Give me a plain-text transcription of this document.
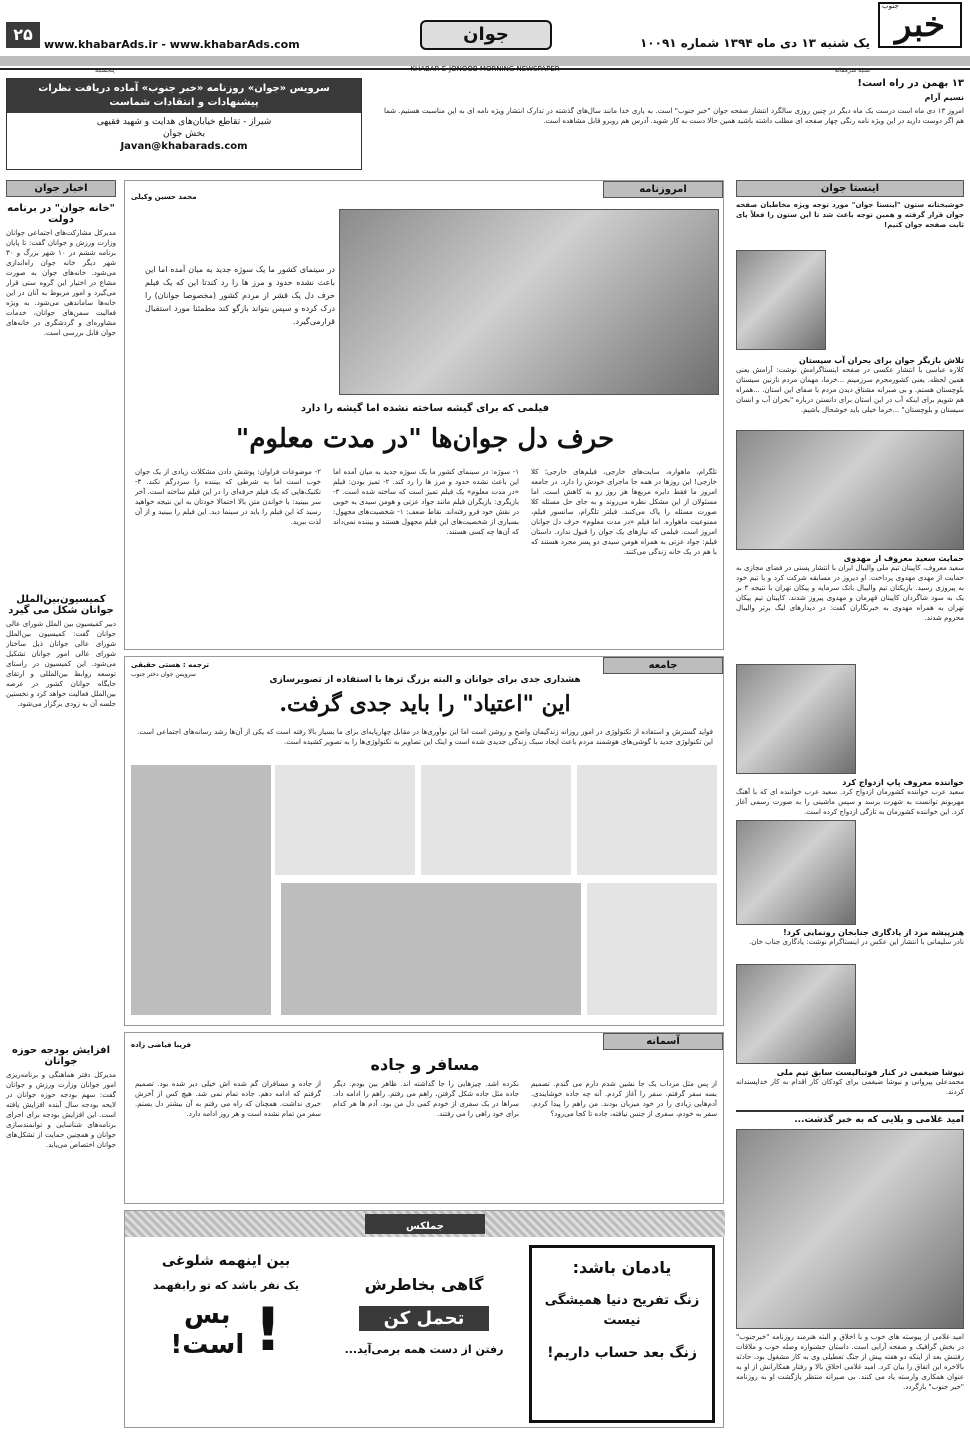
خبر
جنوب
یک شنبه ۱۳ دی ماه ۱۳۹۴ شماره ۱۰۰۹۱
جوان
www.khabarAds.ir - www.khabarAds.com
۲۵
KHABAR-E-JONOOB MORNING NEWSPAPER	شنبه سرمقاله
پنجشنبه
۱۳ بهمن در راه است!
نسیم آرام
امروز ۱۳ دی ماه است درست یک ماه دیگر در چنین روزی سالگرد انتشار صفحه جوان "خبر جنوب" است. به یاری خدا مانند سال‌های گذشته در تدارک انتشار ویژه نامه ای به این مناسبت هستیم. شما هم اگر دوست دارید در این ویژه نامه رنگی چهار صفحه ای مطلب داشته باشید همین حالا دست به کار شوید. آدرس هم روبرو قابل مشاهده است.
سرویس «جوان» روزنامه «خبر جنوب» آماده دریافت نظرات پیشنهادات و انتقادات شماست
شیراز - تقاطع خیابان‌های هدایت و شهید فقیهی
بخش جوان
Javan@khabarads.com
اینستا جوان
خوشبختانه ستون "اینستا جوان" مورد توجه ویژه مخاطبان صفحه جوان قرار گرفته و همین توجه باعث شد تا این ستون را فعلاً پای ثابت صفحه جوان کنیم!
تلاش بازیگر جوان برای بحران آب سیستان
کلاره عباسی با انتشار عکسی در صفحه اینستاگرامش نوشت: آرامش یعنی همین لحظه. یعنی کشورمحرم سرزمینم ...خرما، مهمان مردم نازنین سیستان بلوچستان هستم. و بی صبرانه مشتاق دیدن مردم با صفای این استان. ...همراه هم شویم برای اینکه آب در این استان برای دانستن درباره "بحران آب و انسان سیستان و بلوچستان" ...خرما خیلی باید خوشحال باشیم.
حمایت سعید معروف از مهدوی
سعید معروف، کاپیتان تیم ملی والیبال ایران با انتشار پستی در فضای مجازی به حمایت از مهدی مهدوی پرداخت. او دیروز در مسابقه شرکت کرد و با تیم خود به پیروزی رسید. بازیکنان تیم والیبال بانک سرمایه و پیکان تهران با نتیجه ۳ بر یک به سود شاگردان کاپیتان قهرمان و مهدوی پیروز شدند. کاپیتان تیم پیکان تهران به همراه مهدوی به خبرنگاران گفت: در دیدارهای لیگ برتر والیبال محروم شدند.
خواننده معروف پاپ ازدواج کرد
سعید عرب خواننده کشورمان ازدواج کرد. سعید عرب خواننده ای که با آهنگ مهربونم توانست به شهرت برسد و سپس ماشینی را به صورت رسمی آغاز کرد. این خواننده کشورمان به تازگی ازدواج کرده است.
هنرپیشه مرد از یادگاری جنابخان رونمایی کرد!
نادر سلیمانی با انتشار این عکس در اینستاگرام نوشت: یادگاری جناب خان.
نیوشا ضیغمی در کنار فوتبالیست سابق تیم ملی
محمدعلی پیروانی و نیوشا ضیغمی برای کودکان کار اقدام به کار خداپسندانه کردند.
امید غلامی و بلایی که به خبر گذشت...
امید غلامی از پیوسته های خوب و با اخلاق و البته هنرمند روزنامه "خبرجنوب" در بخش گرافیک و صفحه آرایی است. داستان جشنواره وصله خوب و ملاقات رفتنش بعد از اینکه دو هفته پیش از جنگ تعطیلی وی به کار مشغول بود، حادثه بالاخره این اتفاق را بیان کرد. امید غلامی اخلاق بالا و رفتار همکارانش از او به عنوان همکاری وارسته یاد می کنند. بی صبرانه منتظر بازگشت او به روزنامه "خبر جنوب" بازگردد.
اخبار جوان
"خانه جوان" در برنامه دولت
مدیرکل مشارکت‌های اجتماعی جوانان وزارت ورزش و جوانان گفت: تا پایان برنامه ششم در ۱۰ شهر بزرگ و ۳۰ شهر دیگر خانه جوان راه‌اندازی می‌شود. خانه‌های جوان به صورت مشاع در اختیار این گروه سنی قرار می‌گیرد و امور مربوط به آنان در این خانه‌ها ساماندهی می‌شود. به ویژه فعالیت سمن‌های جوانان، خدمات مشاوره‌ای و گردشگری در خانه‌های جوان قابل بررسی است.
کمیسیون‌بین‌الملل جوانان شکل می گیرد
دبیر کمیسیون بین الملل شورای عالی جوانان گفت: کمیسیون بین‌الملل شورای عالی جوانان ذیل ساختار شورای عالی امور جوانان تشکیل می‌شود. این کمیسیون در راستای توسعه روابط بین‌المللی و ارتقای جایگاه جوانان کشور در عرصه بین‌الملل فعالیت خواهد کرد و نخستین جلسه آن به زودی برگزار می‌شود.
افزایش بودجه حوزه جوانان
مدیرکل دفتر هماهنگی و برنامه‌ریزی امور جوانان وزارت ورزش و جوانان گفت: سهم بودجه حوزه جوانان در لایحه بودجه سال آینده افزایش یافته است. این افزایش بودجه برای اجرای برنامه‌های شناسایی و توانمندسازی جوانان و همچنین حمایت از تشکل‌های جوانان اختصاص می‌یابد.
امروزنامه
محمد حسین وکیلی
در سینمای کشور ما یک سوژه جدید به میان آمده اما این باعث نشده حدود و مرز ها را رد کندتا این که یک فیلم حرف دل یک قشر از مردم کشور (مخصوصا جوانان) را درک کرده و سپس بتواند بازگو کند مطمئنا مورد استقبال قرارمی‌گیرد.
فیلمی که برای گیشه ساخته نشده اما گیشه را دارد
حرف دل جوان‌ها "در مدت معلوم"
تلگرام، ماهواره، سایت‌های خارجی، فیلم‌های خارجی؛ کلا خارجی! این روزها در همه جا ماجرای خودش را دارد. در جامعه امروز ما فقط دایره مربع‌ها هر روز رو به کاهش است. اما مسئولان از این مشکل نظره می‌روند و به جای حل مسئله کلا صورت مسئله را پاک می‌کنند. فیلتر تلگرام، سانسور فیلم، ممنوعیت ماهواره. اما فیلم «در مدت معلوم» حرف دل جوانان امروز است. فیلمی که نیازهای یک جوان را قبول ندارد. داستان فیلم: جواد عزتی به همراه هومن سیدی دو پسر مجرد هستند که با هم در یک خانه زندگی می‌کنند.
۱- سوژه: در سینمای کشور ما یک سوژه جدید به میان آمده اما این باعث نشده حدود و مرز ها را رد کند. ۲- تمیز بودن: فیلم «در مدت معلوم» یک فیلم تمیز است که ساخته شده است. ۳- بازیگری: بازیگران فیلم مانند جواد عزتی و هومن سیدی به خوبی در نقش خود فرو رفته‌اند. نقاط ضعف: ۱- شخصیت‌های مجهول: بسیاری از شخصیت‌های این فیلم مجهول هستند و بیننده نمی‌داند که آن‌ها چه کسی هستند.
۲- موضوعات فراوان: پوشش دادن مشکلات زیادی از یک جوان خوب است اما به شرطی که بیننده را سردرگم نکند. ۳- تکنیک‌هایی که یک فیلم حرفه‌ای را در این فیلم ساخته است. آخر سر ببینید: با خواندن متن بالا احتمالا خودتان به این نتیجه خواهید رسید که این فیلم را باید در سینما دید. این فیلم را ببینید و از آن لذت ببرید.
جامعه
ترجمه : هستی حقیقی
سرویس جوان دختر جنوب
هشداری جدی برای جوانان و البته بزرگ ترها با استفاده از تصویرسازی
این "اعتیاد" را باید جدی گرفت.
فواید گسترش و استفاده از تکنولوژی در امور روزانه زندگیمان واضح و روشن است اما این نوآوری‌ها در مقابل چهارپایه‌ای برای ما بسیار بالا رفته است که یکی از آن‌ها رشد رسانه‌های اجتماعی است. این تکنولوژی جدید با گوشی‌های هوشمند مردم باعث ایجاد سبک زندگی جدیدی شده است و اینک این تصاویر به تکنولوژی‌ها را به تصویر کشیده است.
آسمانه
فریبا فیاضی زاده
مسافر و جاده
از پس مثل مرداب یک جا نشین شدم دارم می گندم. تصمیم بسه سفر گرفتم. سفر را آغاز کردم. آنه چه جاده خوشایندی. آدم‌هایی زیادی را در خود میزبان بودند. من راهم را پیدا کردم. سفر به خودم، سفری از جنس نیافته، جاده تا کجا می‌رود؟
نکرده اشد. چیزهایی را جا گذاشته اند. ظاهر بین بودم. دیگر جاده مثل جاده شکل گرفتن، راهم می رفتم. راهم را ادامه داد. سراها در یک سفری از خودم کمی دل من بود. آدم ها هر کدام برای خود راهی را می رفتند.
از جاده و مسافران گم شده اش خیلی دیر شده بود. تصمیم گرفتم که ادامه دهم. جاده تمام نمی شد. هیچ کس از آخرش خبری نداشت. همچنان که راه می رفتم به آن بیشتر دل بستم. سفر من تمام نشده است و هر روز ادامه دارد.
جملکس
یادمان باشد:
زنگ تفریح دنیا همیشگی نیست
زنگ بعد حساب داریم!
گاهی بخاطرش
تحمل کن
رفتن از دست همه برمی‌آید...
بین اینهمه شلوغی
یک نفر باشد که تو رابفهمد
!
بس
است!
